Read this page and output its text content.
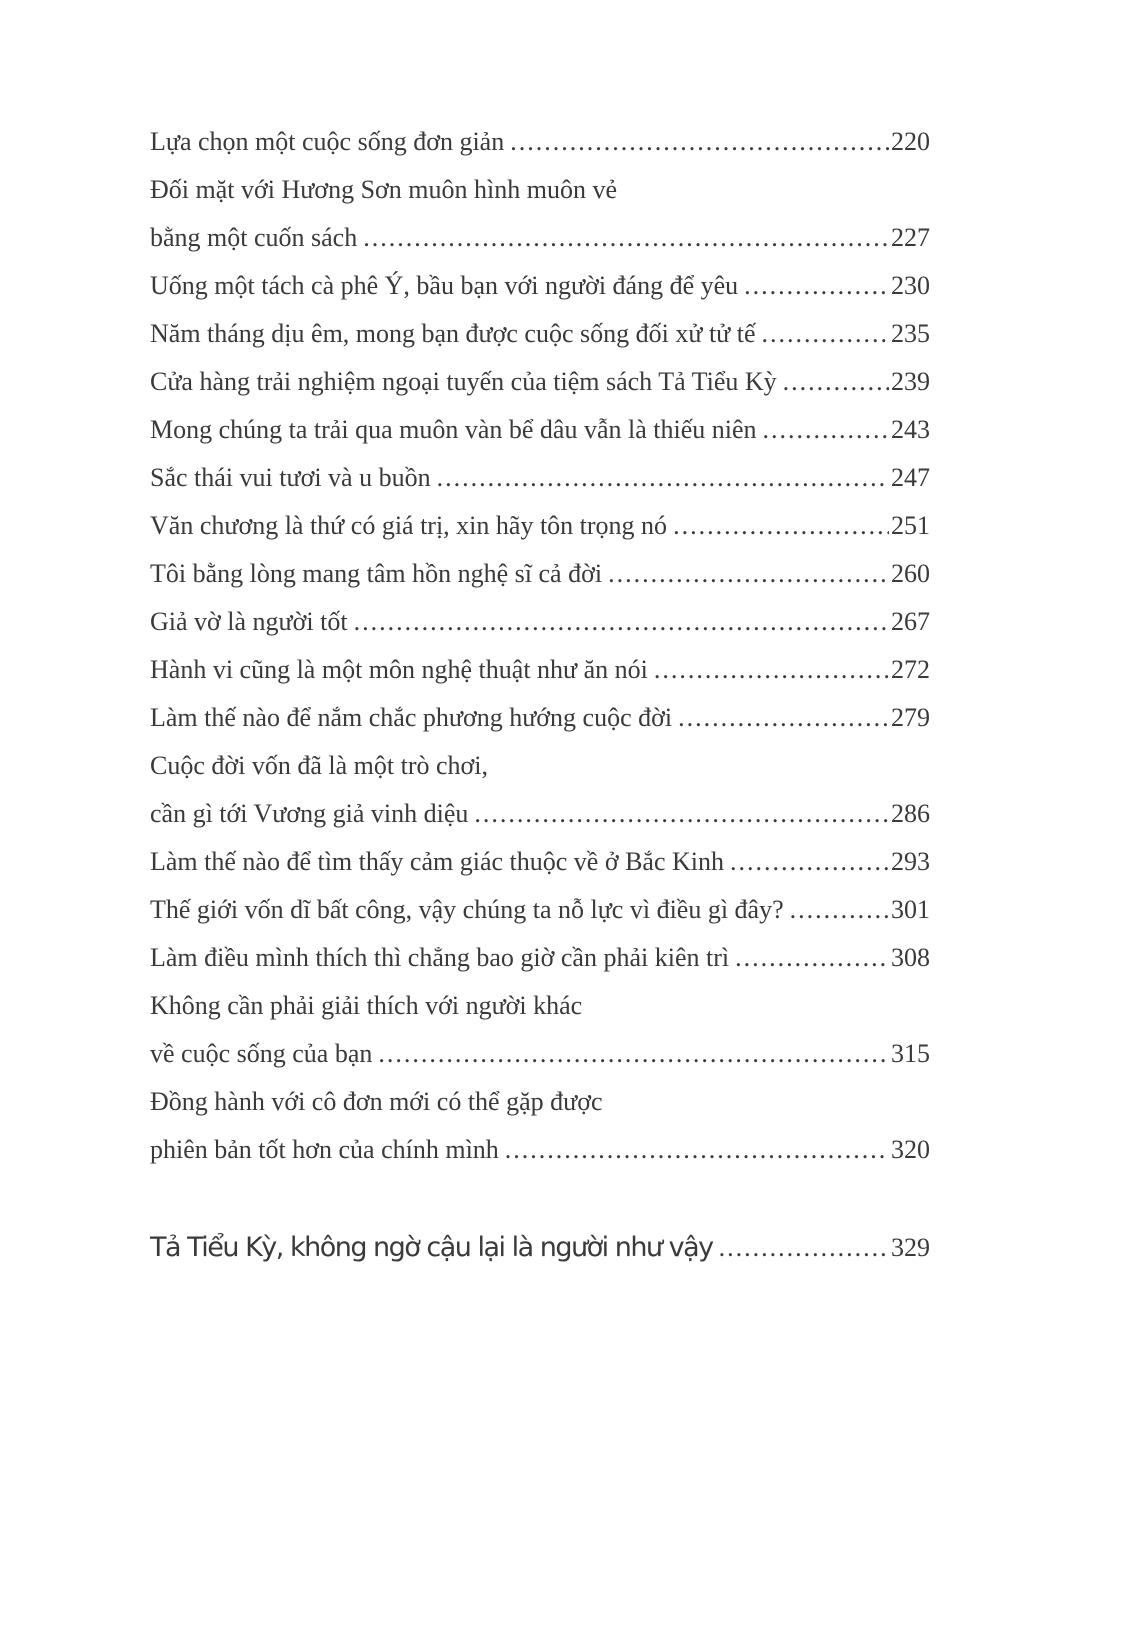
Lựa chọn một cuộc sống đơn giản .....	220
Đối mặt với Hương Sơn muôn hình muôn vẻ
bằng một cuốn sách .....	227
Uống một tách cà phê Ý, bầu bạn với người đáng để yêu .....	230
Năm tháng dịu êm, mong bạn được cuộc sống đối xử tử tế .....	235
Cửa hàng trải nghiệm ngoại tuyến của tiệm sách Tả Tiểu Kỳ .....	239
Mong chúng ta trải qua muôn vàn bể dâu vẫn là thiếu niên .....	243
Sắc thái vui tươi và u buồn .....	247
Văn chương là thứ có giá trị, xin hãy tôn trọng nó .....	251
Tôi bằng lòng mang tâm hồn nghệ sĩ cả đời .....	260
Giả vờ là người tốt .....	267
Hành vi cũng là một môn nghệ thuật như ăn nói .....	272
Làm thế nào để nắm chắc phương hướng cuộc đời .....	279
Cuộc đời vốn đã là một trò chơi,
cần gì tới Vương giả vinh diệu .....	286
Làm thế nào để tìm thấy cảm giác thuộc về ở Bắc Kinh .....	293
Thế giới vốn dĩ bất công, vậy chúng ta nỗ lực vì điều gì đây? .....	301
Làm điều mình thích thì chẳng bao giờ cần phải kiên trì .....	308
Không cần phải giải thích với người khác
về cuộc sống của bạn .....	315
Đồng hành với cô đơn mới có thể gặp được
phiên bản tốt hơn của chính mình .....	320
Tả Tiểu Kỳ, không ngờ cậu lại là người như vậy .....	329
